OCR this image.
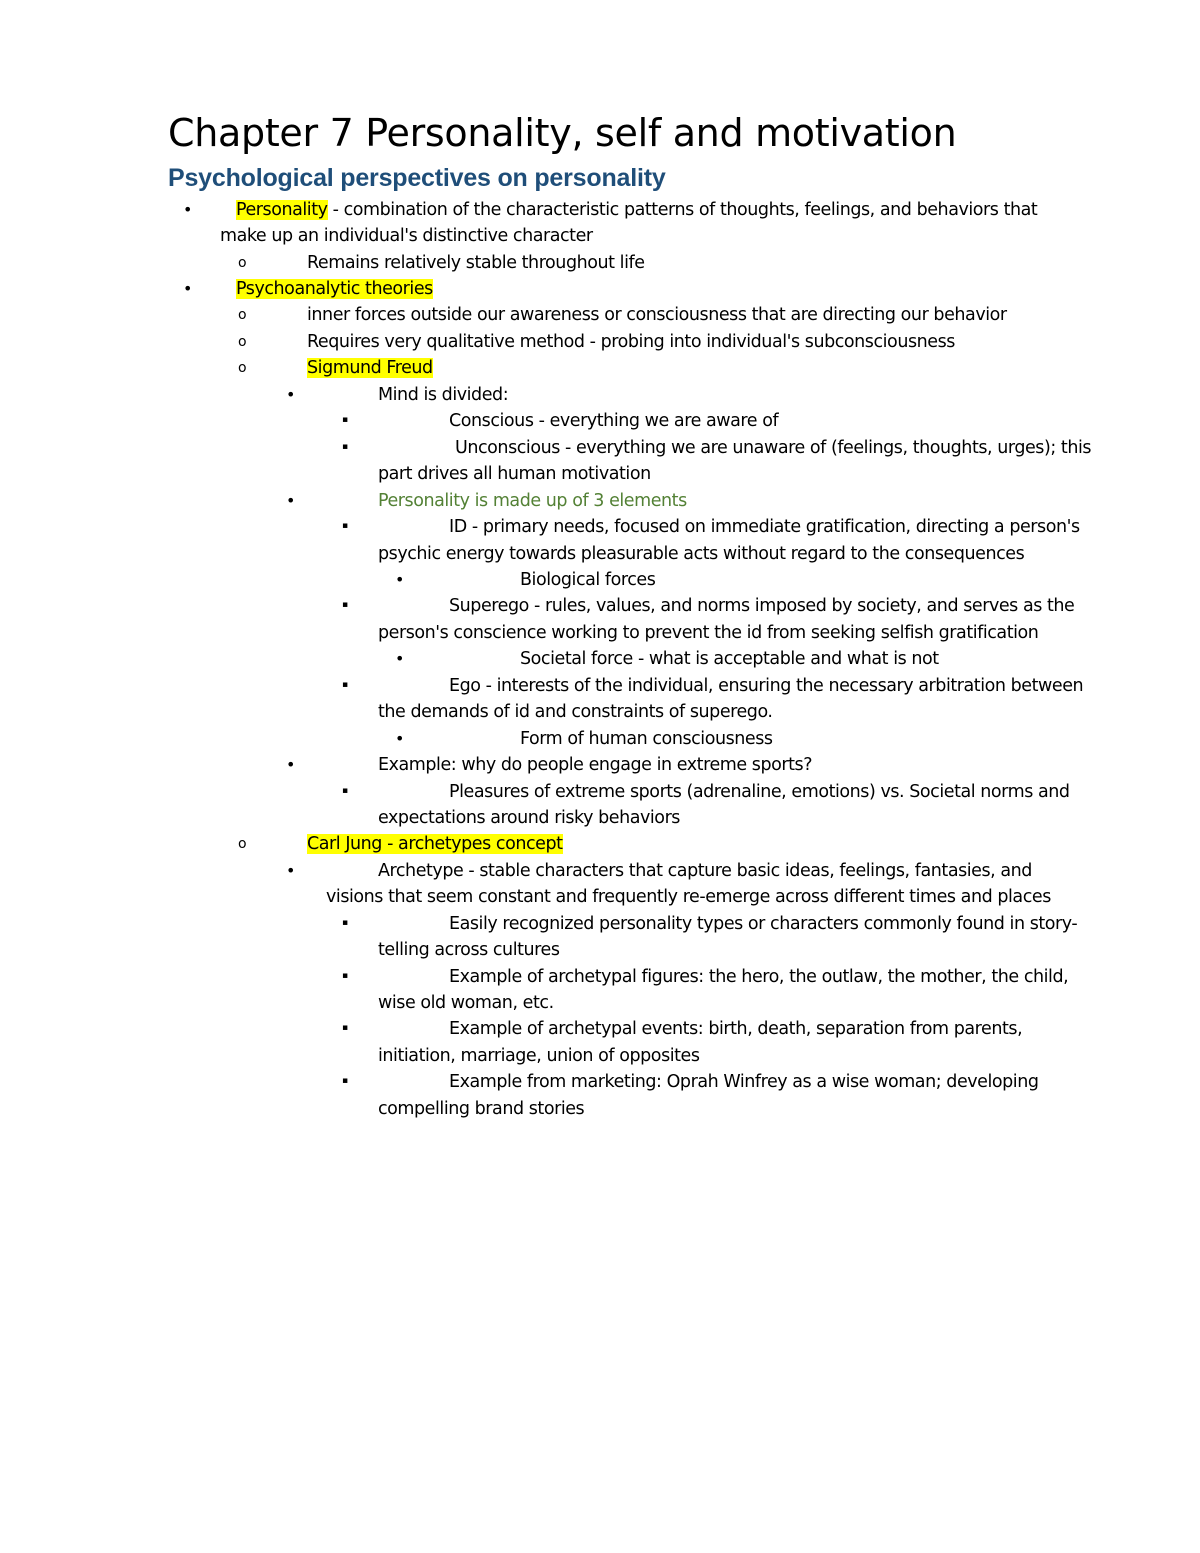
Chapter 7 Personality, self and motivation
Psychological perspectives on personality
• Personality - combination of the characteristic patterns of thoughts, feelings, and behaviors that
make up an individual's distinctive character
o	Remains relatively stable throughout life
• Psychoanalytic theories
o	inner forces outside our awareness or consciousness that are directing our behavior
o	Requires very qualitative method - probing into individual's subconsciousness
o	Sigmund Freud
•	Mind is divided:
▪	Conscious - everything we are aware of
▪	Unconscious - everything we are unaware of (feelings, thoughts, urges); this
part drives all human motivation
•	Personality is made up of 3 elements
▪	ID - primary needs, focused on immediate gratification, directing a person's
psychic energy towards pleasurable acts without regard to the consequences
•	Biological forces
▪	Superego - rules, values, and norms imposed by society, and serves as the
person's conscience working to prevent the id from seeking selfish gratification
•	Societal force - what is acceptable and what is not
▪	Ego - interests of the individual, ensuring the necessary arbitration between
the demands of id and constraints of superego.
•	Form of human consciousness
•	Example: why do people engage in extreme sports?
▪	Pleasures of extreme sports (adrenaline, emotions) vs. Societal norms and
expectations around risky behaviors
o	Carl Jung - archetypes concept
•	Archetype - stable characters that capture basic ideas, feelings, fantasies, and
visions that seem constant and frequently re-emerge across different times and places
▪	Easily recognized personality types or characters commonly found in story-
telling across cultures
▪	Example of archetypal figures: the hero, the outlaw, the mother, the child,
wise old woman, etc.
▪	Example of archetypal events: birth, death, separation from parents,
initiation, marriage, union of opposites
▪	Example from marketing: Oprah Winfrey as a wise woman; developing
compelling brand stories
